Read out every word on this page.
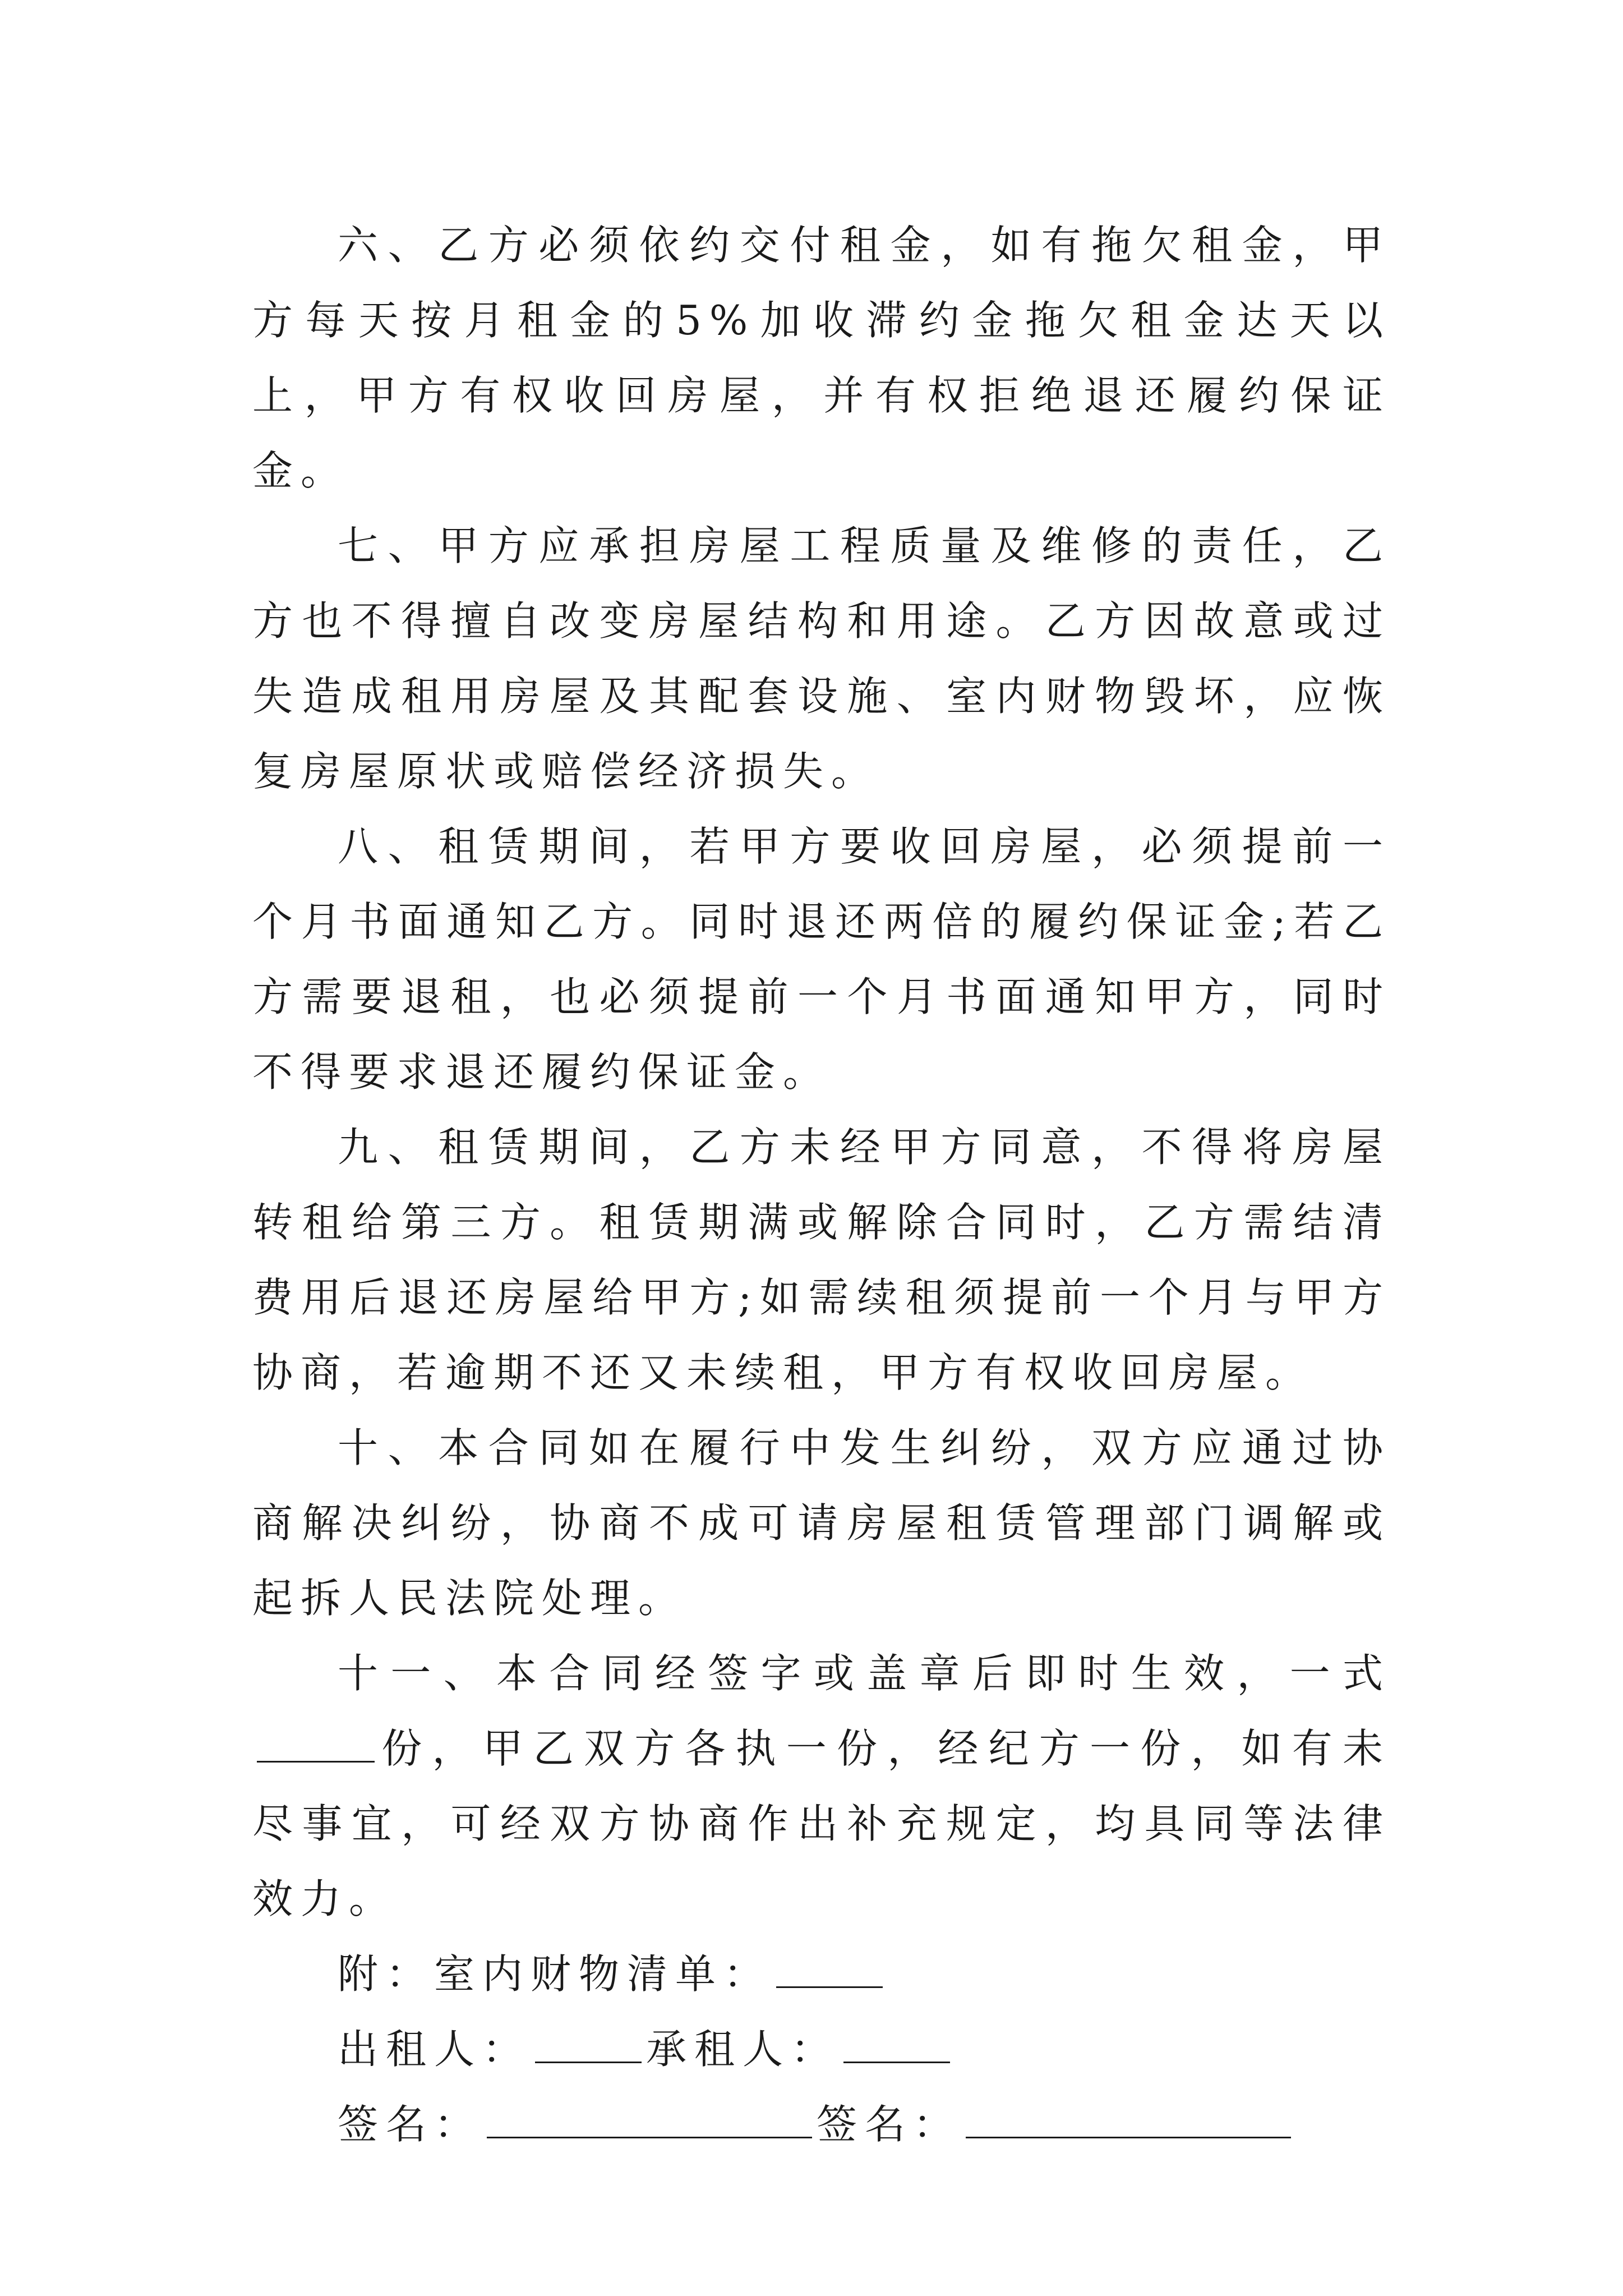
六、乙方必须依约交付租金，如有拖欠租金，甲方每天按月租金的5%加收滞约金拖欠租金达天以上，甲方有权收回房屋，并有权拒绝退还履约保证金。

七、甲方应承担房屋工程质量及维修的责任，乙方也不得擅自改变房屋结构和用途。乙方因故意或过失造成租用房屋及其配套设施、室内财物毁坏，应恢复房屋原状或赔偿经济损失。

八、租赁期间，若甲方要收回房屋，必须提前一个月书面通知乙方。同时退还两倍的履约保证金;若乙方需要退租，也必须提前一个月书面通知甲方，同时不得要求退还履约保证金。

九、租赁期间，乙方未经甲方同意，不得将房屋转租给第三方。租赁期满或解除合同时，乙方需结清费用后退还房屋给甲方;如需续租须提前一个月与甲方协商，若逾期不还又未续租，甲方有权收回房屋。

十、本合同如在履行中发生纠纷，双方应通过协商解决纠纷，协商不成可请房屋租赁管理部门调解或起拆人民法院处理。

十一、本合同经签字或盖章后即时生效，一式份，甲乙双方各执一份，经纪方一份，如有未尽事宜，可经双方协商作出补充规定，均具同等法律效力。

附：室内财物清单：

出租人：	承租人：

签名：	签名：
